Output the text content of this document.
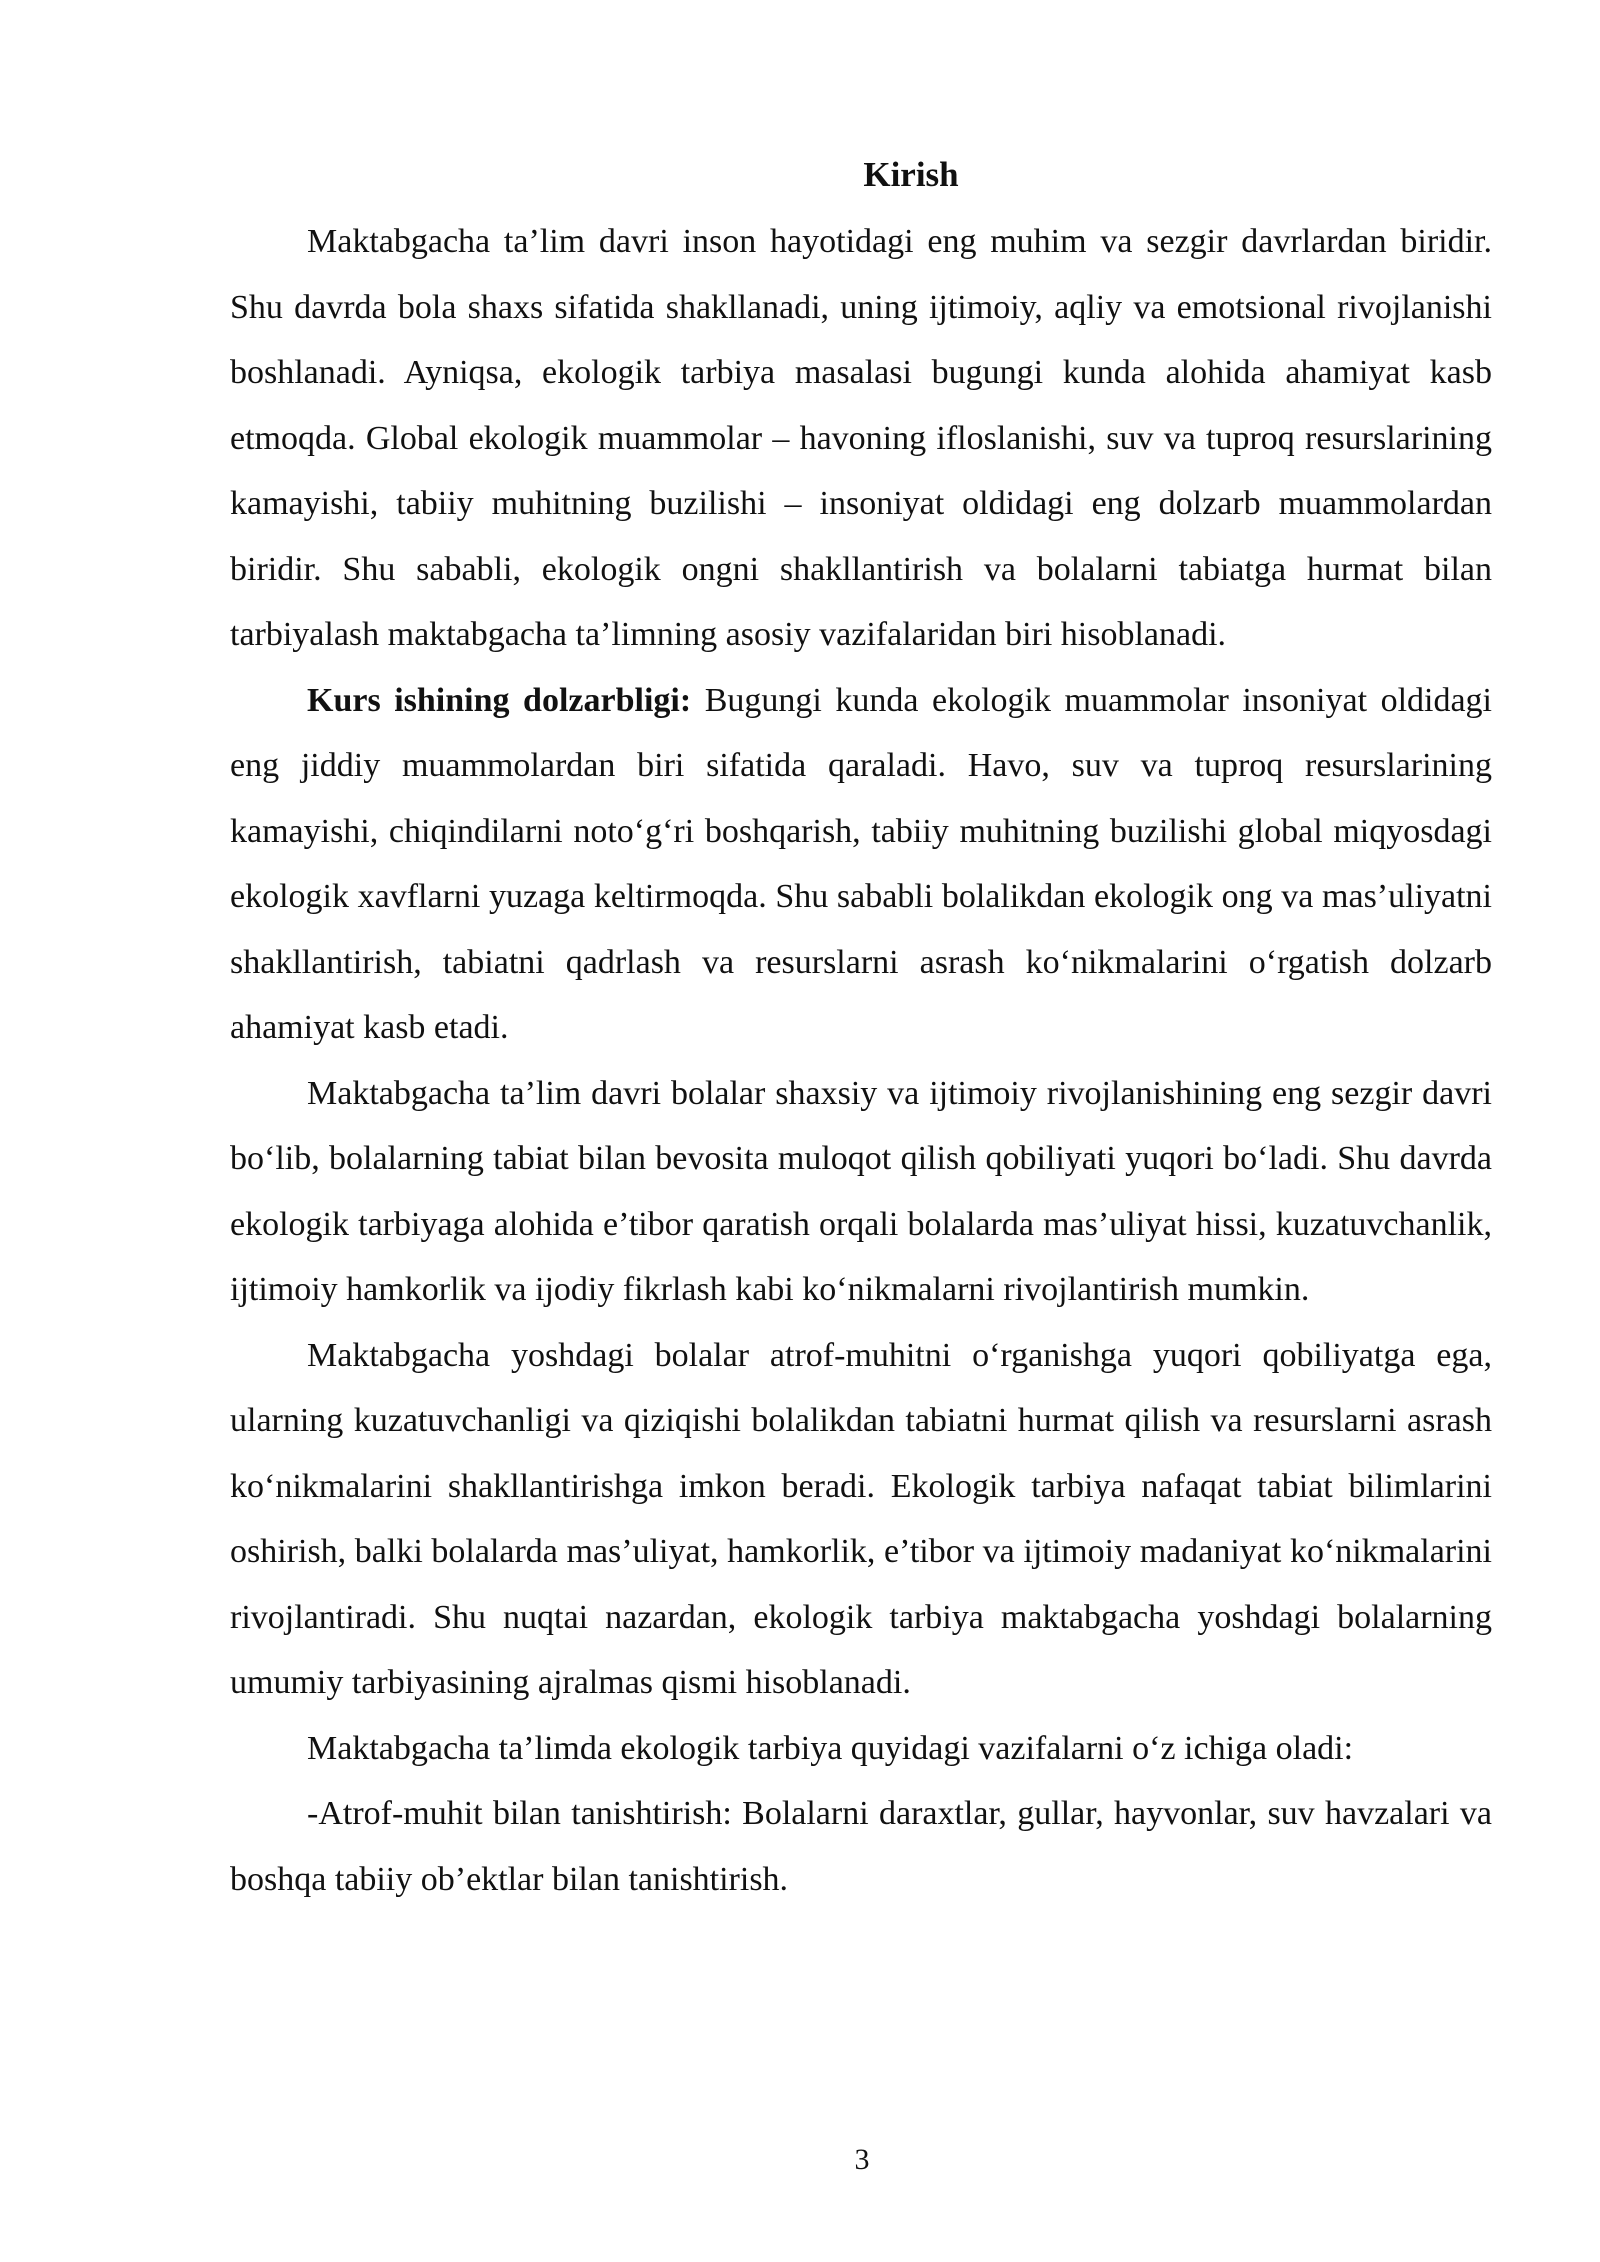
Kirish

Maktabgacha ta’lim davri inson hayotidagi eng muhim va sezgir davrlardan biridir. Shu davrda bola shaxs sifatida shakllanadi, uning ijtimoiy, aqliy va emotsional rivojlanishi boshlanadi. Ayniqsa, ekologik tarbiya masalasi bugungi kunda alohida ahamiyat kasb etmoqda. Global ekologik muammolar – havoning ifloslanishi, suv va tuproq resurslarining kamayishi, tabiiy muhitning buzilishi – insoniyat oldidagi eng dolzarb muammolardan biridir. Shu sababli, ekologik ongni shakllantirish va bolalarni tabiatga hurmat bilan tarbiyalash maktabgacha ta’limning asosiy vazifalaridan biri hisoblanadi.

Kurs ishining dolzarbligi: Bugungi kunda ekologik muammolar insoniyat oldidagi eng jiddiy muammolardan biri sifatida qaraladi. Havo, suv va tuproq resurslarining kamayishi, chiqindilarni noto‘g‘ri boshqarish, tabiiy muhitning buzilishi global miqyosdagi ekologik xavflarni yuzaga keltirmoqda. Shu sababli bolalikdan ekologik ong va mas’uliyatni shakllantirish, tabiatni qadrlash va resurslarni asrash ko‘nikmalarini o‘rgatish dolzarb ahamiyat kasb etadi.

Maktabgacha ta’lim davri bolalar shaxsiy va ijtimoiy rivojlanishining eng sezgir davri bo‘lib, bolalarning tabiat bilan bevosita muloqot qilish qobiliyati yuqori bo‘ladi. Shu davrda ekologik tarbiyaga alohida e’tibor qaratish orqali bolalarda mas’uliyat hissi, kuzatuvchanlik, ijtimoiy hamkorlik va ijodiy fikrlash kabi ko‘nikmalarni rivojlantirish mumkin.

Maktabgacha yoshdagi bolalar atrof-muhitni o‘rganishga yuqori qobiliyatga ega, ularning kuzatuvchanligi va qiziqishi bolalikdan tabiatni hurmat qilish va resurslarni asrash ko‘nikmalarini shakllantirishga imkon beradi. Ekologik tarbiya nafaqat tabiat bilimlarini oshirish, balki bolalarda mas’uliyat, hamkorlik, e’tibor va ijtimoiy madaniyat ko‘nikmalarini rivojlantiradi. Shu nuqtai nazardan, ekologik tarbiya maktabgacha yoshdagi bolalarning umumiy tarbiyasining ajralmas qismi hisoblanadi.

Maktabgacha ta’limda ekologik tarbiya quyidagi vazifalarni o‘z ichiga oladi:

-Atrof-muhit bilan tanishtirish: Bolalarni daraxtlar, gullar, hayvonlar, suv havzalari va boshqa tabiiy ob’ektlar bilan tanishtirish.

3
